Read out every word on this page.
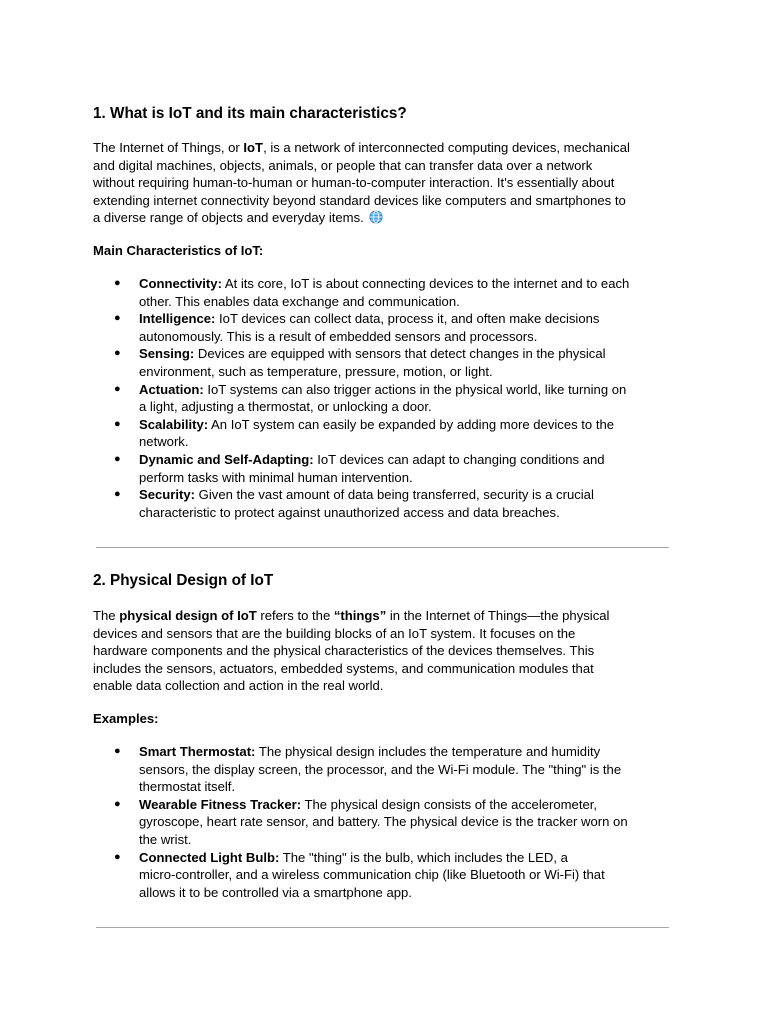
1. What is IoT and its main characteristics?

The Internet of Things, or IoT, is a network of interconnected computing devices, mechanical
and digital machines, objects, animals, or people that can transfer data over a network
without requiring human-to-human or human-to-computer interaction. It's essentially about
extending internet connectivity beyond standard devices like computers and smartphones to
a diverse range of objects and everyday items.

Main Characteristics of IoT:

● Connectivity: At its core, IoT is about connecting devices to the internet and to each
other. This enables data exchange and communication.
● Intelligence: IoT devices can collect data, process it, and often make decisions
autonomously. This is a result of embedded sensors and processors.
● Sensing: Devices are equipped with sensors that detect changes in the physical
environment, such as temperature, pressure, motion, or light.
● Actuation: IoT systems can also trigger actions in the physical world, like turning on
a light, adjusting a thermostat, or unlocking a door.
● Scalability: An IoT system can easily be expanded by adding more devices to the
network.
● Dynamic and Self-Adapting: IoT devices can adapt to changing conditions and
perform tasks with minimal human intervention.
● Security: Given the vast amount of data being transferred, security is a crucial
characteristic to protect against unauthorized access and data breaches.
2. Physical Design of IoT

The physical design of IoT refers to the “things” in the Internet of Things—the physical
devices and sensors that are the building blocks of an IoT system. It focuses on the
hardware components and the physical characteristics of the devices themselves. This
includes the sensors, actuators, embedded systems, and communication modules that
enable data collection and action in the real world.

Examples:

● Smart Thermostat: The physical design includes the temperature and humidity
sensors, the display screen, the processor, and the Wi-Fi module. The "thing" is the
thermostat itself.
● Wearable Fitness Tracker: The physical design consists of the accelerometer,
gyroscope, heart rate sensor, and battery. The physical device is the tracker worn on
the wrist.
● Connected Light Bulb: The "thing" is the bulb, which includes the LED, a
micro-controller, and a wireless communication chip (like Bluetooth or Wi-Fi) that
allows it to be controlled via a smartphone app.
